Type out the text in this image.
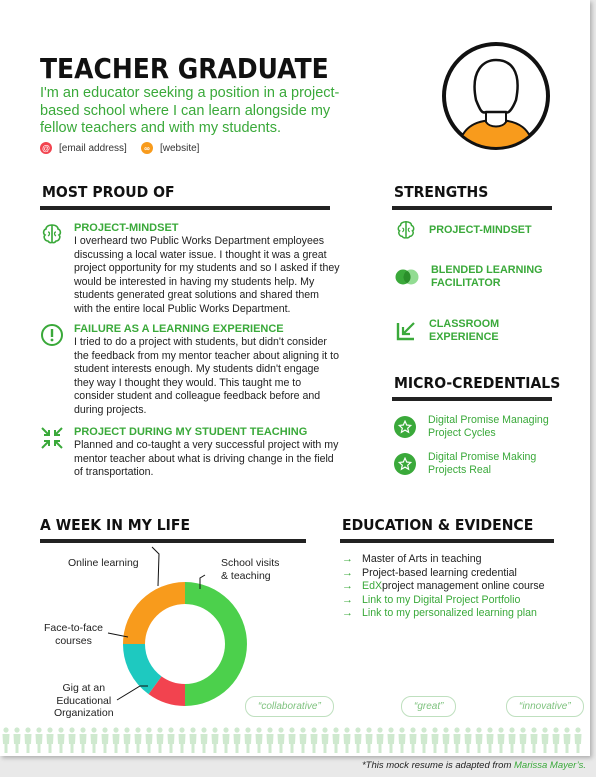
TEACHER GRADUATE

I'm an educator seeking a position in a project-based school where I can learn alongside my fellow teachers and with my students.

@ [email address]	∞	[website]
MOST PROUD OF
PROJECT-MINDSET

I overheard two Public Works Department employees discussing a local water issue. I thought it was a great project opportunity for my students and so I asked if they would be interested in having my students help. My students generated great solutions and shared them with the entire local Public Works Department.

FAILURE AS A LEARNING EXPERIENCE

I tried to do a project with students, but didn't consider the feedback from my mentor teacher about aligning it to student interests enough. My students didn't engage they way I thought they would. This taught me to consider student and colleague feedback before and during projects.

PROJECT DURING MY STUDENT TEACHING

Planned and co-taught a very successful project with my mentor teacher about what is driving change in the field of transportation.

STRENGTHS
PROJECT-MINDSET
BLENDED LEARNING FACILITATOR
CLASSROOM EXPERIENCE
MICRO-CREDENTIALS
Digital Promise Managing Project Cycles
Digital Promise Making Projects Real
A WEEK IN MY LIFE
Online learning	School visits
& teaching
Face-to-face
courses
Gig at an
Educational
Organization
EDUCATION & EVIDENCE
→ Master of Arts in teaching
→ Project-based learning credential
→ EdX project management online course
→ Link to my Digital Project Portfolio
→ Link to my personalized learning plan
“collaborative”	“great”	“innovative”
*This mock resume is adapted from Marissa Mayer’s.
